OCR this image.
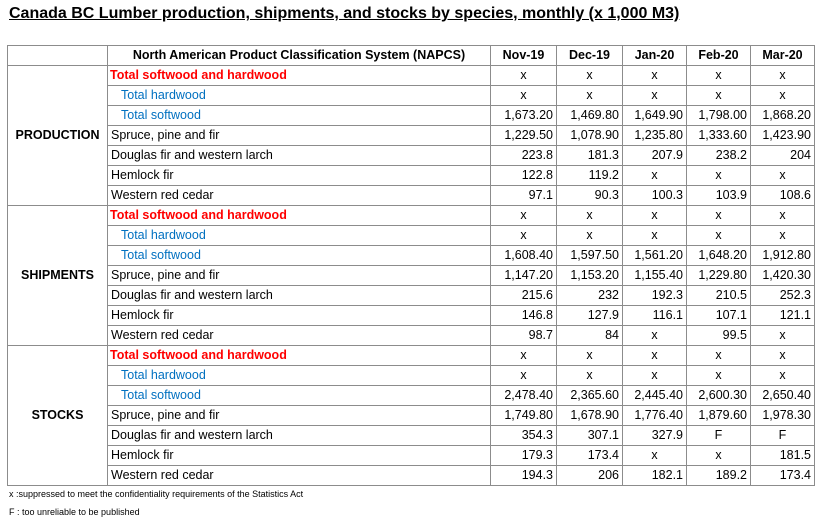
Canada BC Lumber production, shipments, and stocks by species, monthly (x 1,000 M3)
	North American Product Classification System (NAPCS)	Nov-19	Dec-19	Jan-20	Feb-20	Mar-20
PRODUCTION	Total softwood and hardwood	x	x	x	x	x
	Total hardwood	x	x	x	x	x
	Total softwood	1,673.20	1,469.80	1,649.90	1,798.00	1,868.20
	Spruce, pine and fir	1,229.50	1,078.90	1,235.80	1,333.60	1,423.90
	Douglas fir and western larch	223.8	181.3	207.9	238.2	204
	Hemlock fir	122.8	119.2	x	x	x
	Western red cedar	97.1	90.3	100.3	103.9	108.6
SHIPMENTS	Total softwood and hardwood	x	x	x	x	x
	Total hardwood	x	x	x	x	x
	Total softwood	1,608.40	1,597.50	1,561.20	1,648.20	1,912.80
	Spruce, pine and fir	1,147.20	1,153.20	1,155.40	1,229.80	1,420.30
	Douglas fir and western larch	215.6	232	192.3	210.5	252.3
	Hemlock fir	146.8	127.9	116.1	107.1	121.1
	Western red cedar	98.7	84	x	99.5	x
STOCKS	Total softwood and hardwood	x	x	x	x	x
	Total hardwood	x	x	x	x	x
	Total softwood	2,478.40	2,365.60	2,445.40	2,600.30	2,650.40
	Spruce, pine and fir	1,749.80	1,678.90	1,776.40	1,879.60	1,978.30
	Douglas fir and western larch	354.3	307.1	327.9	F	F
	Hemlock fir	179.3	173.4	x	x	181.5
	Western red cedar	194.3	206	182.1	189.2	173.4
x :suppressed to meet the confidentiality requirements of the Statistics Act
F : too unreliable to be published
